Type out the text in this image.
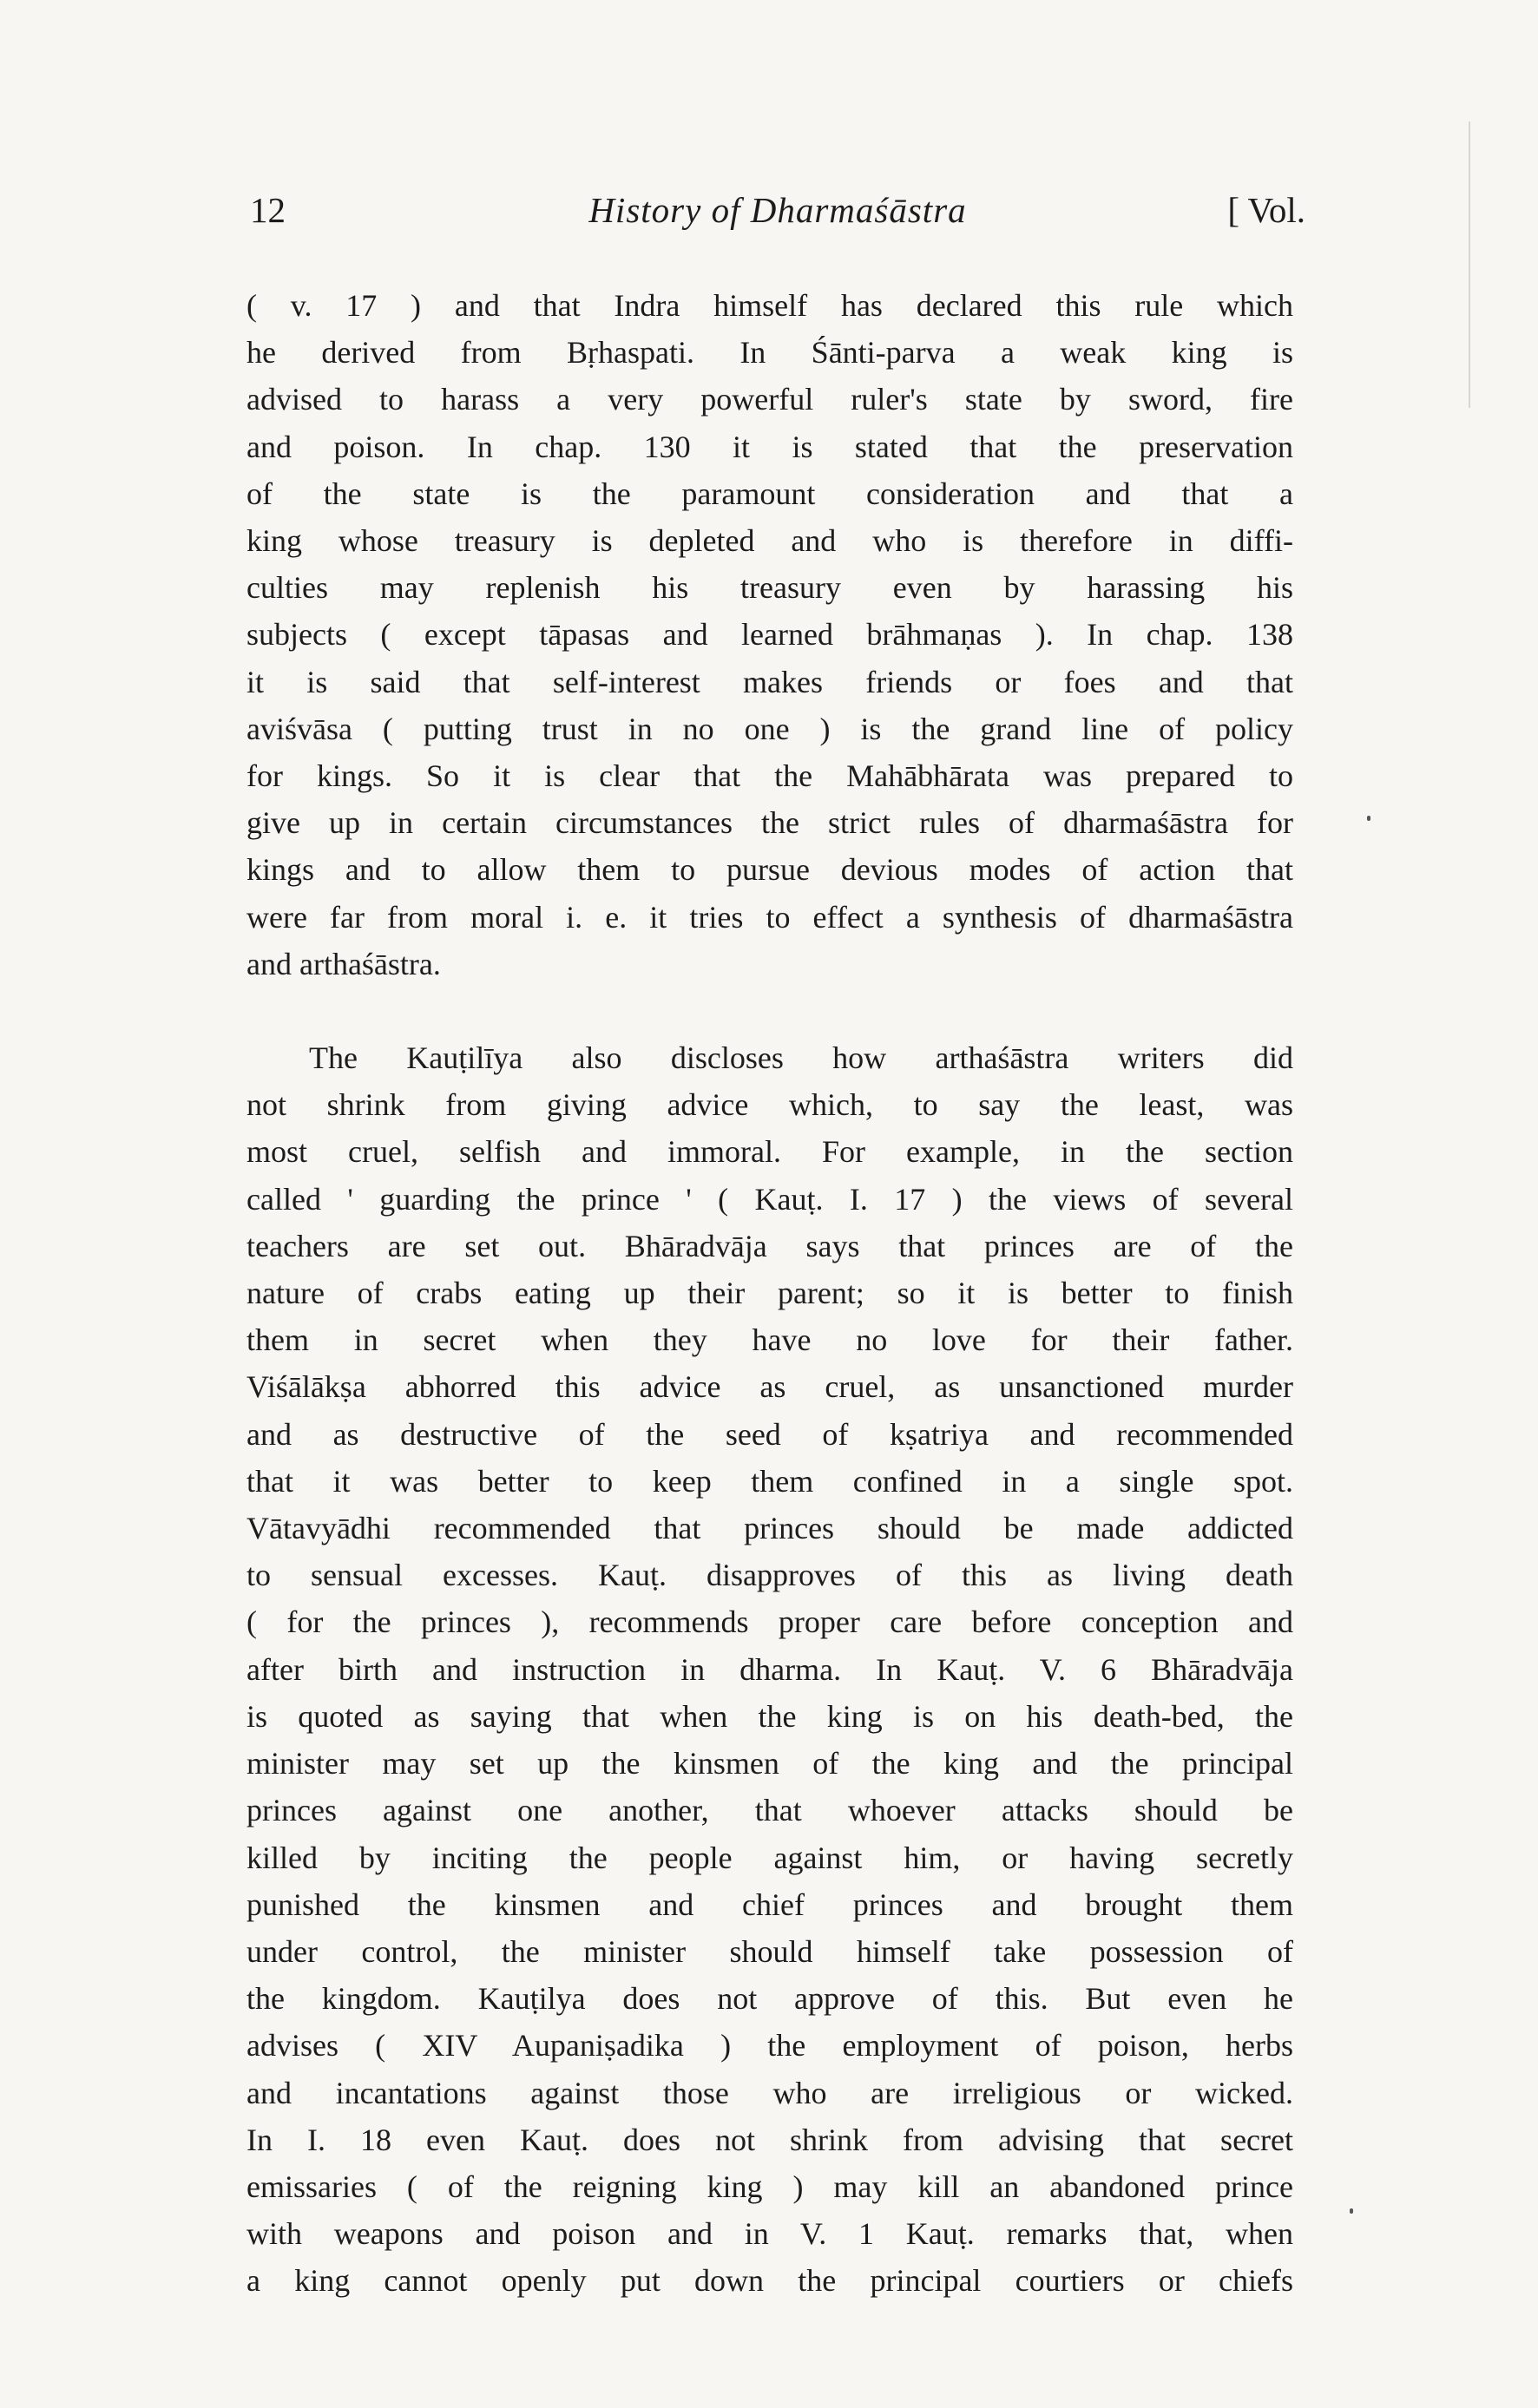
12	History of Dharmaśāstra	[ Vol.
( v. 17 ) and that Indra himself has declared this rule which
he derived from Bṛhaspati. In Śānti-parva a weak king is
advised to harass a very powerful ruler's state by sword, fire
and poison. In chap. 130 it is stated that the preservation
of the state is the paramount consideration and that a
king whose treasury is depleted and who is therefore in diffi-
culties may replenish his treasury even by harassing his
subjects ( except tāpasas and learned brāhmaṇas ). In chap. 138
it is said that self-interest makes friends or foes and that
aviśvāsa ( putting trust in no one ) is the grand line of policy
for kings. So it is clear that the Mahābhārata was prepared to
give up in certain circumstances the strict rules of dharmaśāstra for
kings and to allow them to pursue devious modes of action that
were far from moral i. e. it tries to effect a synthesis of dharmaśāstra
and arthaśāstra.
The Kauṭilīya also discloses how arthaśāstra writers did
not shrink from giving advice which, to say the least, was
most cruel, selfish and immoral. For example, in the section
called ' guarding the prince ' ( Kauṭ. I. 17 ) the views of several
teachers are set out. Bhāradvāja says that princes are of the
nature of crabs eating up their parent; so it is better to finish
them in secret when they have no love for their father.
Viśālākṣa abhorred this advice as cruel, as unsanctioned murder
and as destructive of the seed of kṣatriya and recommended
that it was better to keep them confined in a single spot.
Vātavyādhi recommended that princes should be made addicted
to sensual excesses. Kauṭ. disapproves of this as living death
( for the princes ), recommends proper care before conception and
after birth and instruction in dharma. In Kauṭ. V. 6 Bhāradvāja
is quoted as saying that when the king is on his death-bed, the
minister may set up the kinsmen of the king and the principal
princes against one another, that whoever attacks should be
killed by inciting the people against him, or having secretly
punished the kinsmen and chief princes and brought them
under control, the minister should himself take possession of
the kingdom. Kauṭilya does not approve of this. But even he
advises ( XIV Aupaniṣadika ) the employment of poison, herbs
and incantations against those who are irreligious or wicked.
In I. 18 even Kauṭ. does not shrink from advising that secret
emissaries ( of the reigning king ) may kill an abandoned prince
with weapons and poison and in V. 1 Kauṭ. remarks that, when
a king cannot openly put down the principal courtiers or chiefs
